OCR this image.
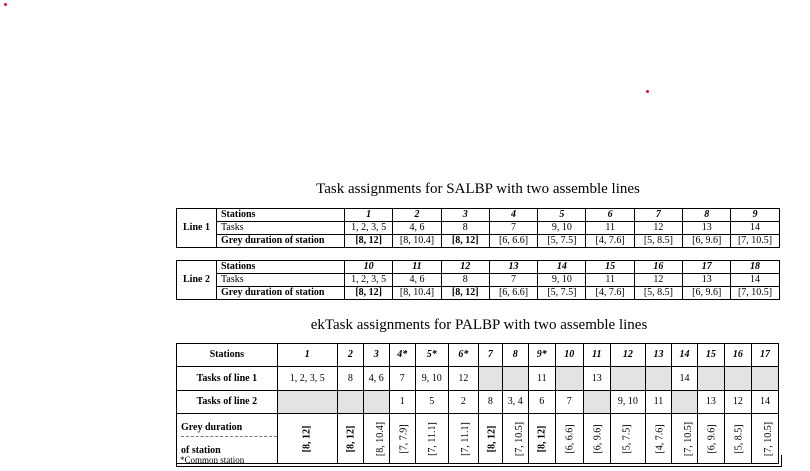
Task assignments for SALBP with two assemble lines
Line 1	Stations	1	2	3	4	5	6	7	8	9
	Tasks	1, 2, 3, 5	4, 6	8	7	9, 10	11	12	13	14
	Grey duration of station	[8, 12]	[8, 10.4]	[8, 12]	[6, 6.6]	[5, 7.5]	[4, 7.6]	[5, 8.5]	[6, 9.6]	[7, 10.5]
Line 2	Stations	10	11	12	13	14	15	16	17	18
	Tasks	1, 2, 3, 5	4, 6	8	7	9, 10	11	12	13	14
	Grey duration of station	[8, 12]	[8, 10.4]	[8, 12]	[6, 6.6]	[5, 7.5]	[4, 7.6]	[5, 8.5]	[6, 9.6]	[7, 10.5]
ekTask assignments for PALBP with two assemble lines
Stations	1	2	3	4*	5*	6*	7	8	9*	10	11	12	13	14	15	16	17
Tasks of line 1	1, 2, 3, 5	8	4, 6	7	9, 10	12			11		13			14			
Tasks of line 2				1	5	2	8	3, 4	6	7		9, 10	11		13	12	14

Grey duration
of station	[8, 12]	[8, 12]	[8, 10.4]	[7, 7.9]	[7, 11.1]	[7, 11.1]	[8, 12]	[7, 10.5]	[8, 12]	[6, 6.6]	[6, 9.6]	[5, 7.5]	[4, 7.6]	[7, 10.5]	[6, 9.6]	[5, 8.5]	[7, 10.5]
*Common station
